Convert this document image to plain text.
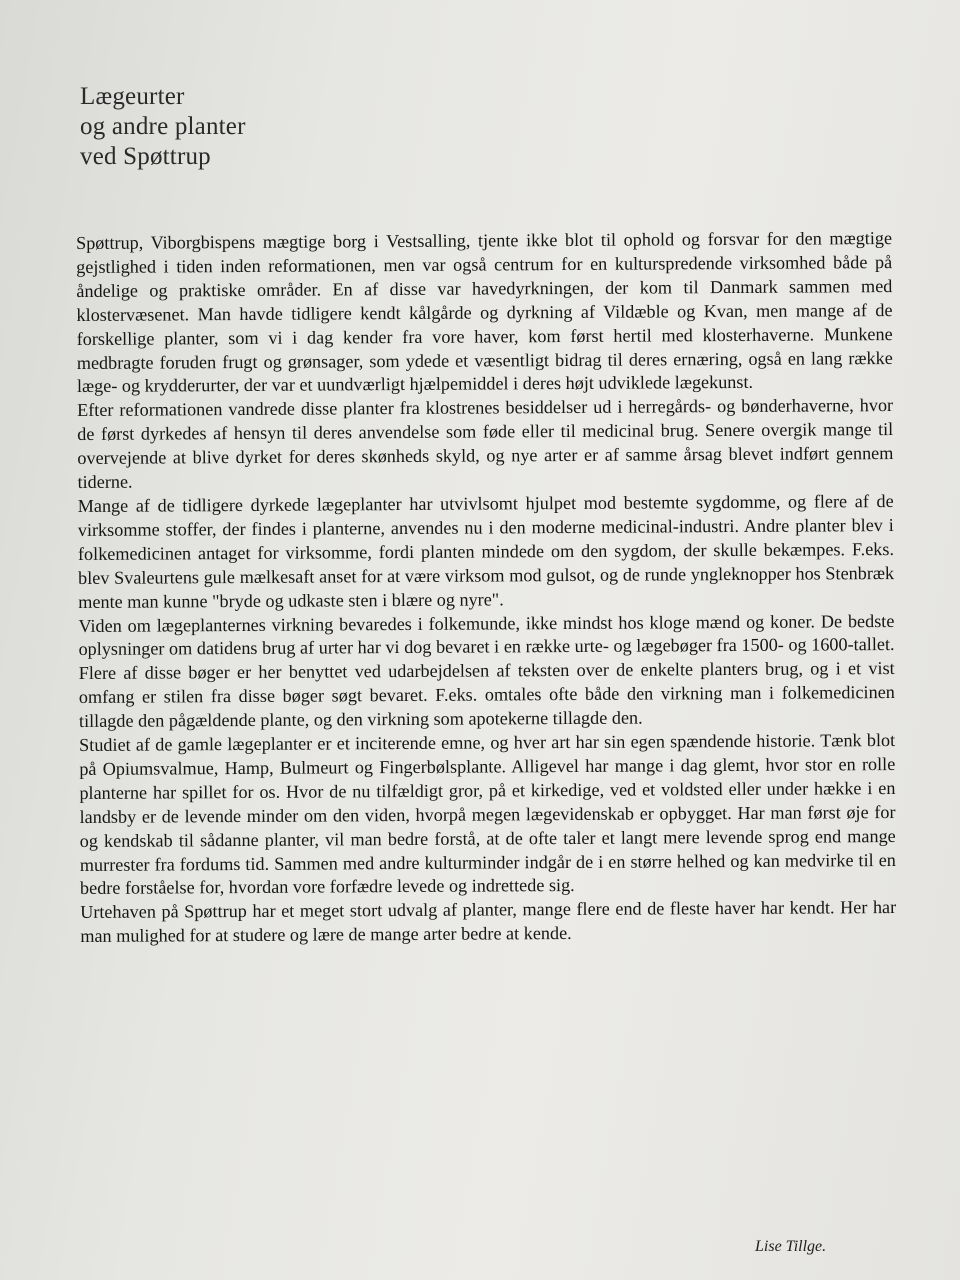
Lægeurter
og andre planter
ved Spøttrup

Spøttrup, Viborgbispens mægtige borg i Vestsalling, tjente ikke blot til ophold og forsvar for den mægtige gejstlighed i tiden inden reformationen, men var også centrum for en kulturspredende virksomhed både på åndelige og praktiske områder. En af disse var havedyrkningen, der kom til Danmark sammen med klostervæsenet. Man havde tidligere kendt kålgårde og dyrkning af Vildæble og Kvan, men mange af de forskellige planter, som vi i dag kender fra vore haver, kom først hertil med klosterhaverne. Munkene medbragte foruden frugt og grønsager, som ydede et væsentligt bidrag til deres ernæring, også en lang række læge- og krydderurter, der var et uundværligt hjælpemiddel i deres højt udviklede lægekunst.

Efter reformationen vandrede disse planter fra klostrenes besiddelser ud i herregårds- og bønderhaverne, hvor de først dyrkedes af hensyn til deres anvendelse som føde eller til medicinal brug. Senere overgik mange til overvejende at blive dyrket for deres skønheds skyld, og nye arter er af samme årsag blevet indført gennem tiderne.

Mange af de tidligere dyrkede lægeplanter har utvivlsomt hjulpet mod bestemte sygdomme, og flere af de virksomme stoffer, der findes i planterne, anvendes nu i den moderne medicinal-industri. Andre planter blev i folkemedicinen antaget for virksomme, fordi planten mindede om den sygdom, der skulle bekæmpes. F.eks. blev Svaleurtens gule mælkesaft anset for at være virksom mod gulsot, og de runde yngleknopper hos Stenbræk mente man kunne "bryde og udkaste sten i blære og nyre".

Viden om lægeplanternes virkning bevaredes i folkemunde, ikke mindst hos kloge mænd og koner. De bedste oplysninger om datidens brug af urter har vi dog bevaret i en række urte- og lægebøger fra 1500- og 1600-tallet. Flere af disse bøger er her benyttet ved udarbejdelsen af teksten over de enkelte planters brug, og i et vist omfang er stilen fra disse bøger søgt bevaret. F.eks. omtales ofte både den virkning man i folkemedicinen tillagde den pågældende plante, og den virkning som apotekerne tillagde den.

Studiet af de gamle lægeplanter er et inciterende emne, og hver art har sin egen spændende historie. Tænk blot på Opiumsvalmue, Hamp, Bulmeurt og Fingerbølsplante. Alligevel har mange i dag glemt, hvor stor en rolle planterne har spillet for os. Hvor de nu tilfældigt gror, på et kirkedige, ved et voldsted eller under hække i en landsby er de levende minder om den viden, hvorpå megen lægevidenskab er opbygget. Har man først øje for og kendskab til sådanne planter, vil man bedre forstå, at de ofte taler et langt mere levende sprog end mange murrester fra fordums tid. Sammen med andre kulturminder indgår de i en større helhed og kan medvirke til en bedre forståelse for, hvordan vore forfædre levede og indrettede sig.

Urtehaven på Spøttrup har et meget stort udvalg af planter, mange flere end de fleste haver har kendt. Her har man mulighed for at studere og lære de mange arter bedre at kende.

Lise Tillge.
